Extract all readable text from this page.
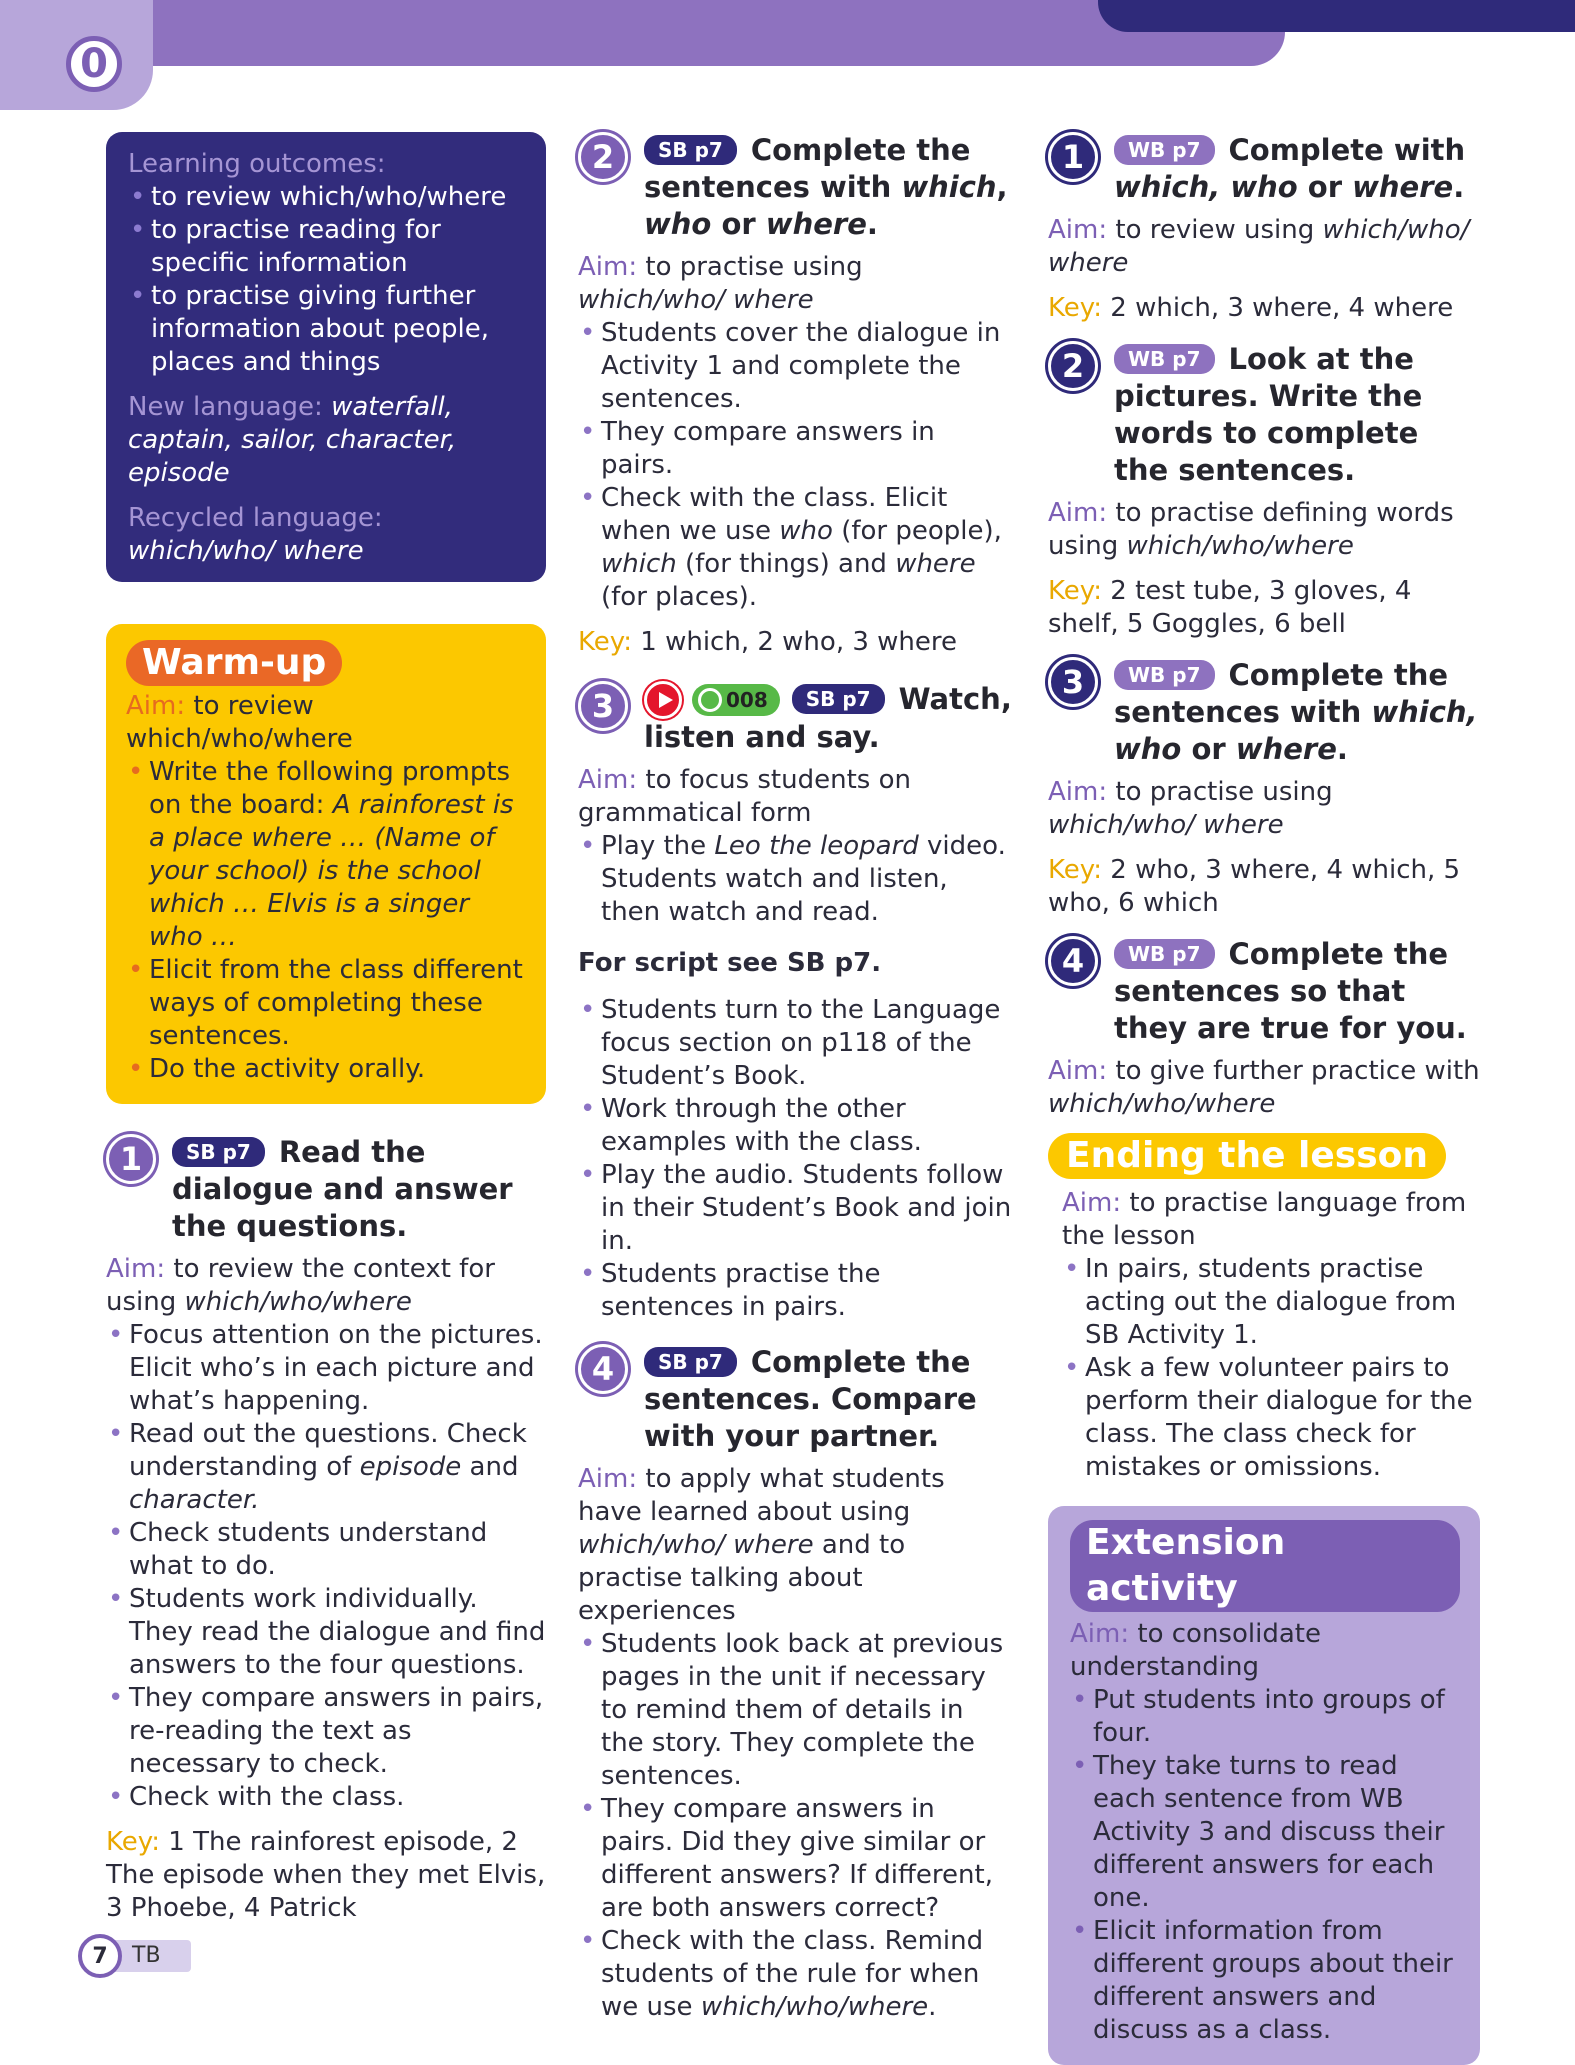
0
Learning outcomes:
• to review which/who/where
• to practise reading for specific information
• to practise giving further information about people, places and things

New language: waterfall, captain, sailor, character, episode

Recycled language: which/who/ where

Warm-up
Aim: to review which/who/where
• Write the following prompts on the board: A rainforest is a place where … (Name of your school) is the school which … Elvis is a singer who …
• Elicit from the class different ways of completing these sentences.
• Do the activity orally.
1	SB p7 Read the dialogue and answer the questions.
Aim: to review the context for using which/who/where
• Focus attention on the pictures. Elicit who’s in each picture and what’s happening.
• Read out the questions. Check understanding of episode and character.
• Check students understand what to do.
• Students work individually. They read the dialogue and find answers to the four questions.
• They compare answers in pairs, re-reading the text as necessary to check.
• Check with the class.

Key: 1 The rainforest episode, 2 The episode when they met Elvis, 3 Phoebe, 4 Patrick

2	SB p7 Complete the sentences with which, who or where.
Aim: to practise using which/who/ where
• Students cover the dialogue in Activity 1 and complete the sentences.
• They compare answers in pairs.
• Check with the class. Elicit when we use who (for people), which (for things) and where (for places).

Key: 1 which, 2 who, 3 where

3	008 SB p7 Watch, listen and say.
Aim: to focus students on grammatical form
• Play the Leo the leopard video. Students watch and listen, then watch and read.
For script see SB p7.
• Students turn to the Language focus section on p118 of the Student’s Book.
• Work through the other examples with the class.
• Play the audio. Students follow in their Student’s Book and join in.
• Students practise the sentences in pairs.
4	SB p7 Complete the sentences. Compare with your partner.
Aim: to apply what students have learned about using which/who/ where and to practise talking about experiences
• Students look back at previous pages in the unit if necessary to remind them of details in the story. They complete the sentences.
• They compare answers in pairs. Did they give similar or different answers? If different, are both answers correct?
• Check with the class. Remind students of the rule for when we use which/who/where.
1	WB p7 Complete with which, who or where.

Aim: to review using which/who/ where

Key: 2 which, 3 where, 4 where

2	WB p7 Look at the pictures. Write the words to complete the sentences.

Aim: to practise defining words using which/who/where

Key: 2 test tube, 3 gloves, 4 shelf, 5 Goggles, 6 bell

3	WB p7 Complete the sentences with which, who or where.

Aim: to practise using which/who/ where

Key: 2 who, 3 where, 4 which, 5 who, 6 which

4	WB p7 Complete the sentences so that they are true for you.

Aim: to give further practice with which/who/where

Ending the lesson
Aim: to practise language from the lesson
• In pairs, students practise acting out the dialogue from SB Activity 1.
• Ask a few volunteer pairs to perform their dialogue for the class. The class check for mistakes or omissions.
Extension activity
Aim: to consolidate understanding
• Put students into groups of four.
• They take turns to read each sentence from WB Activity 3 and discuss their different answers for each one.
• Elicit information from different groups about their different answers and discuss as a class.
7	TB
